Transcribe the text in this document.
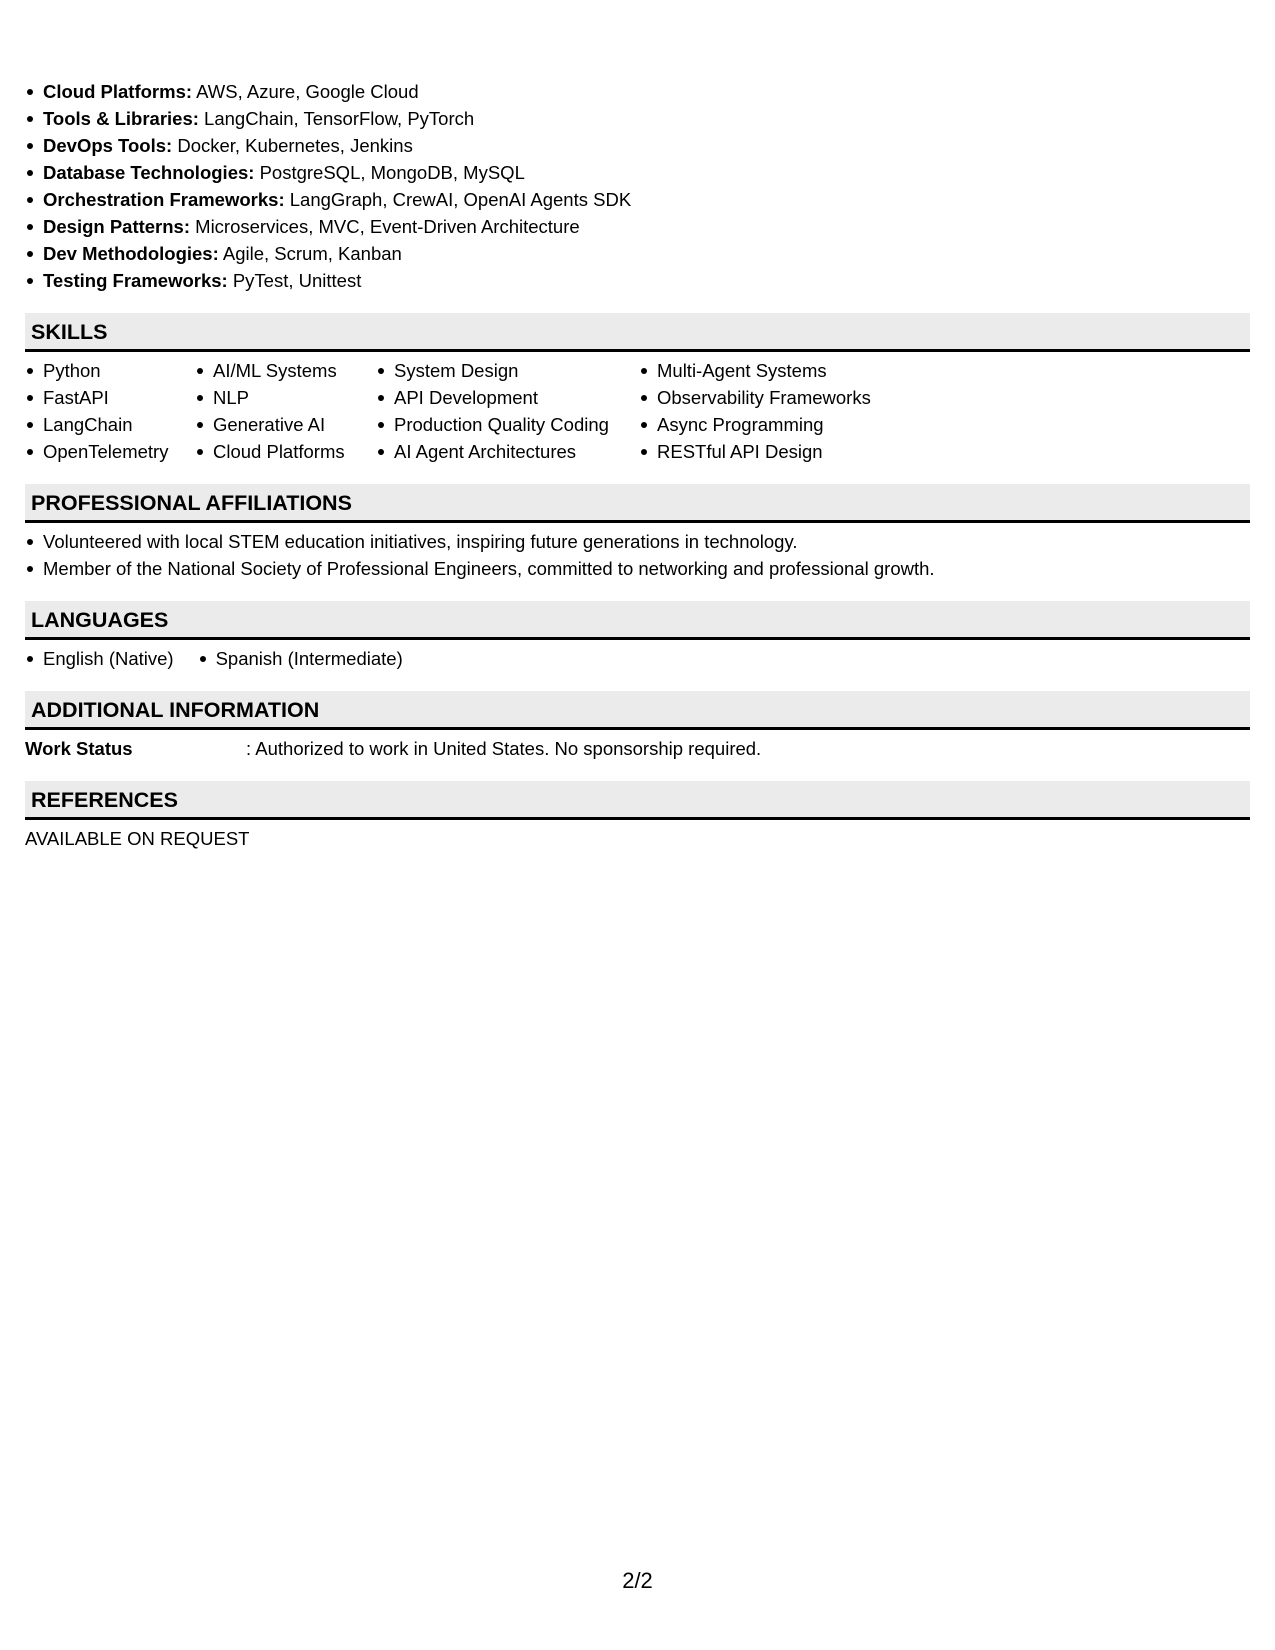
Cloud Platforms: AWS, Azure, Google Cloud
Tools & Libraries: LangChain, TensorFlow, PyTorch
DevOps Tools: Docker, Kubernetes, Jenkins
Database Technologies: PostgreSQL, MongoDB, MySQL
Orchestration Frameworks: LangGraph, CrewAI, OpenAI Agents SDK
Design Patterns: Microservices, MVC, Event-Driven Architecture
Dev Methodologies: Agile, Scrum, Kanban
Testing Frameworks: PyTest, Unittest
SKILLS
Python
FastAPI
LangChain
OpenTelemetry
AI/ML Systems
NLP
Generative AI
Cloud Platforms
System Design
API Development
Production Quality Coding
AI Agent Architectures
Multi-Agent Systems
Observability Frameworks
Async Programming
RESTful API Design
PROFESSIONAL AFFILIATIONS
Volunteered with local STEM education initiatives, inspiring future generations in technology.
Member of the National Society of Professional Engineers, committed to networking and professional growth.
LANGUAGES
English (Native)	Spanish (Intermediate)
ADDITIONAL INFORMATION
Work Status	: Authorized to work in United States. No sponsorship required.
REFERENCES
AVAILABLE ON REQUEST
2/2
